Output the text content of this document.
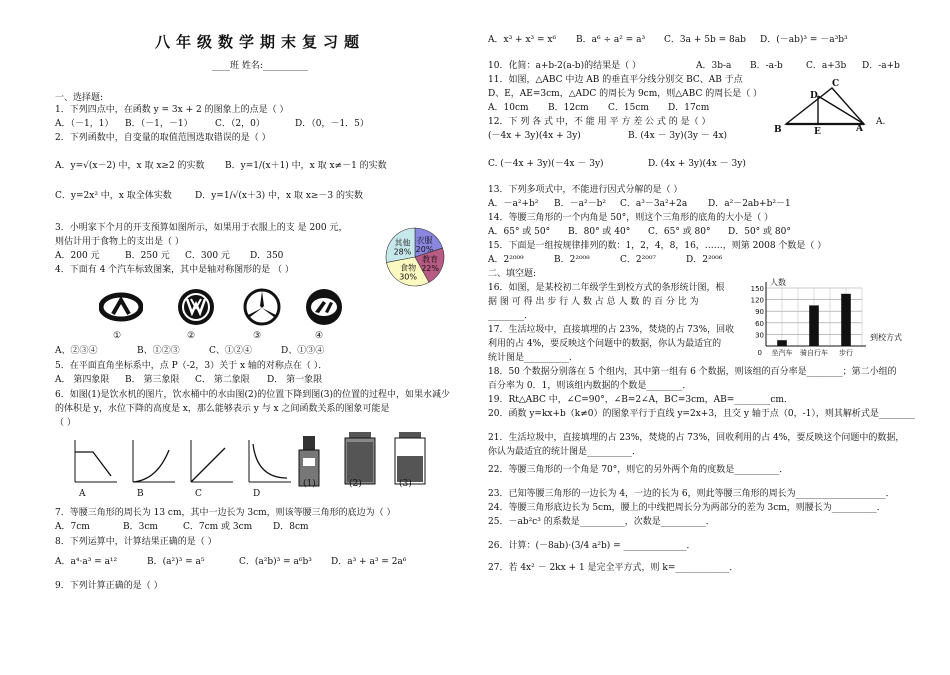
八年级数学期末复习题
____班 姓名:__________
一、选择题:
1．下列四点中，在函数 y = 3x + 2 的图象上的点是（ ）
A．（－1，1）	B．（－1，－1）	C．（2，0）	D．（0，－1．5）
2．下列函数中，自变量的取值范围选取错误的是（ ）
A．y=√(x－2) 中，x 取 x≥2 的实数	B．y=1/(x＋1) 中，x 取 x≠－1 的实数
C．y=2x² 中，x 取全体实数	D．y=1/√(x＋3) 中，x 取 x≥－3 的实数
3．小明家下个月的开支预算如图所示，如果用于衣服上的支 是 200 元，
则估计用于食物上的支出是（ ）
A．200 元	B．250 元	C．300 元	D．350
衣服
20%
教育
22%
食物
30%
其他
28%
4．下面有 4 个汽车标致图案，其中是轴对称图形的是 （ ）
①	②	③	④
A、②③④	B、①②③	C、①②④	D、①③④
5．在平面直角坐标系中，点 P（-2，3）关于 x 轴的对称点在（ ）．
A． 第四象限	B． 第三象限	C． 第二象限	D． 第一象限
6．如图(1)是饮水机的图片，饮水桶中的水由图(2)的位置下降到图(3)的位置的过程中，如果水减少
的体积是 y，水位下降的高度是 x，那么能够表示 y 与 x 之间函数关系的图象可能是
（ ）
A	B	C	D
(1)	(2)	(3)
7．等腰三角形的周长为 13 cm，其中一边长为 3cm，则该等腰三角形的底边为（ ）
A．7cm	B．3cm	C．7cm 或 3cm	D．8cm
8．下列运算中，计算结果正确的是（ ）
A．a⁴·a³ = a¹²	B．(a²)³ = a⁵	C．(a²b)³ = a⁶b³	D．a³ + a³ = 2a⁶
9．下列计算正确的是（ ）
A．x³ + x³ = x⁶	B．a⁶ ÷ a² = a³	C．3a + 5b = 8ab	D．(－ab)³ = －a³b³
10．化简：a+b-2(a-b)的结果是（ ）	A．3b-a	B．-a-b	C．a+3b	D．-a+b
11．如图，△ABC 中边 AB 的垂直平分线分别交 BC、AB 于点
D、E，AE=3cm，△ADC 的周长为 9cm，则△ABC 的周长是（ ）
A．10cm	B．12cm	C．15cm	D．17cm
C
D
B	E	A
A.
12．下 列 各 式 中，不 能 用 平 方 差 公 式 的 是（ ）
(－4x + 3y)(4x + 3y)	B. (4x － 3y)(3y － 4x)
C. (－4x + 3y)(－4x － 3y)	D. (4x + 3y)(4x － 3y)
13．下列多项式中，不能进行因式分解的是（ ）
A．－a²+b²	B．－a²－b²	C．a³－3a²+2a	D．a²－2ab+b²－1
14．等腰三角形的一个内角是 50°，则这个三角形的底角的大小是（ ）
A．65° 或 50°	B．80° 或 40°	C．65° 或 80°	D．50° 或 80°
15．下面是一组按规律排列的数：1，2，4，8，16，……，则第 2008 个数是（ ）
A．2²⁰⁰⁹	B．2²⁰⁰⁸	C．2²⁰⁰⁷	D．2²⁰⁰⁶
二、填空题:
16．如图，是某校初二年级学生到校方式的条形统计图，根
据 图 可 得 出 步 行 人 数 占 总 人 数 的 百 分 比 为
________．
人数
30
60
90
120
150
坐汽车 骑自行车 步行
到校方式
0
17．生活垃圾中，直接填埋的占 23%，焚烧的占 73%，回收
利用的占 4%，要反映这个问题中的数据，你认为最适宜的
统计图是__________．
18．50 个数据分别落在 5 个组内，其中第一组有 6 个数据，则该组的百分率是________；第二小组的
百分率为 0．1，则该组内数据的个数是________．
19．Rt△ABC 中，∠C=90°，∠B=2∠A，BC=3cm，AB=________cm．
20．函数 y=kx+b（k≠0）的图象平行于直线 y=2x+3，且交 y 轴于点（0，-1），则其解析式是________
21．生活垃圾中，直接填埋的占 23%，焚烧的占 73%，回收利用的占 4%，要反映这个问题中的数据，
你认为最适宜的统计图是__________．
22．等腰三角形的一个角是 70°，则它的另外两个角的度数是__________．
23．已知等腰三角形的一边长为 4，一边的长为 6，则此等腰三角形的周长为____________________．
24．等腰三角形底边长为 5cm，腰上的中线把周长分为两部分的差为 3cm，则腰长为__________．
25．－ab²c³ 的系数是__________，次数是__________．
26．计算：(－8ab)·(3/4 a²b) = ______________．
27．若 4x² － 2kx + 1 是完全平方式，则 k=____________．
